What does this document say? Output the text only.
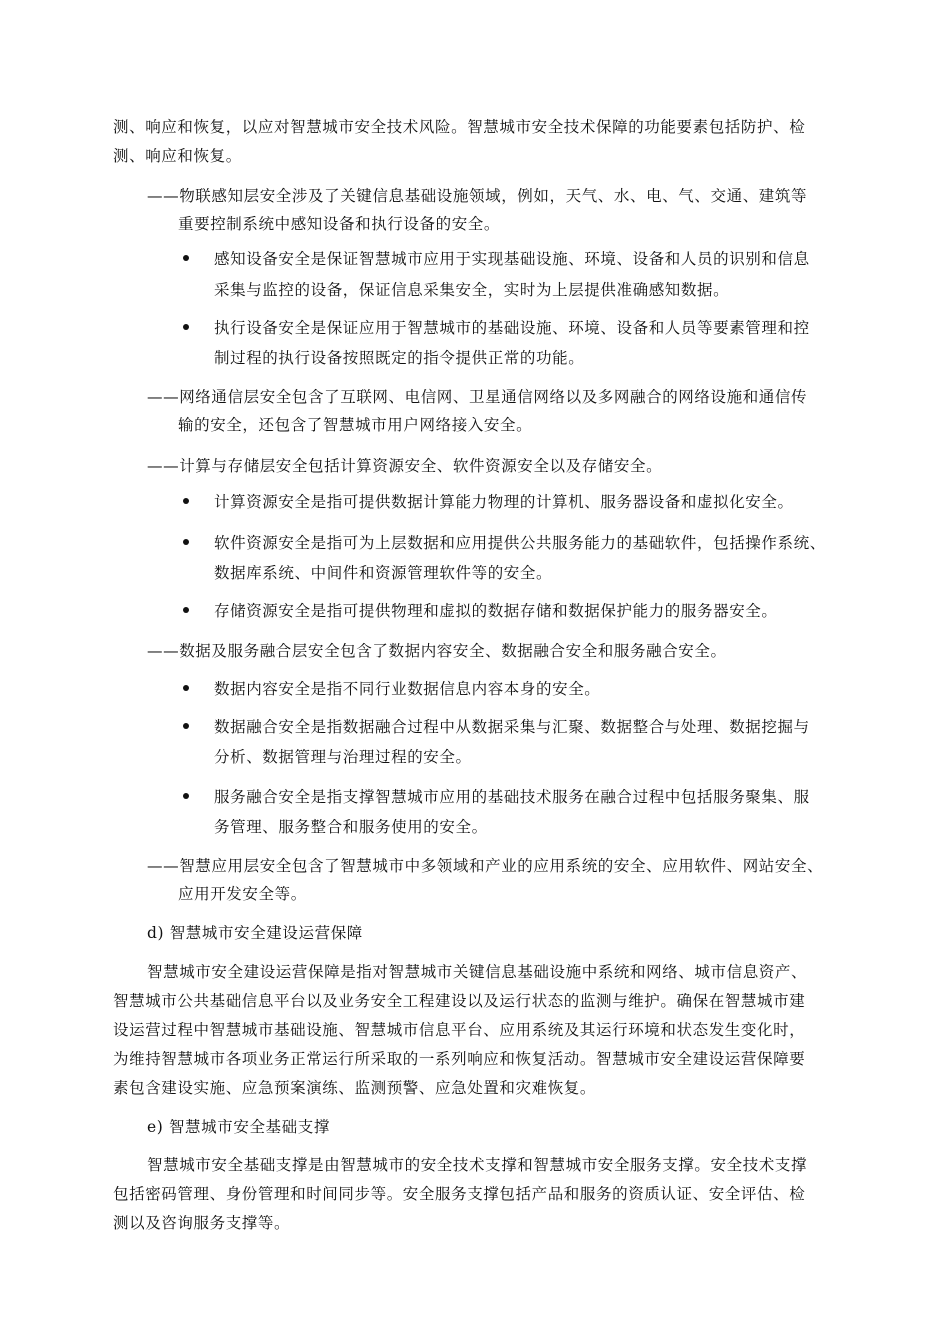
测、响应和恢复，以应对智慧城市安全技术风险。智慧城市安全技术保障的功能要素包括防护、检
测、响应和恢复。
——物联感知层安全涉及了关键信息基础设施领域，例如，天气、水、电、气、交通、建筑等
重要控制系统中感知设备和执行设备的安全。
感知设备安全是保证智慧城市应用于实现基础设施、环境、设备和人员的识别和信息
采集与监控的设备，保证信息采集安全，实时为上层提供准确感知数据。
执行设备安全是保证应用于智慧城市的基础设施、环境、设备和人员等要素管理和控
制过程的执行设备按照既定的指令提供正常的功能。
——网络通信层安全包含了互联网、电信网、卫星通信网络以及多网融合的网络设施和通信传
输的安全，还包含了智慧城市用户网络接入安全。
——计算与存储层安全包括计算资源安全、软件资源安全以及存储安全。
计算资源安全是指可提供数据计算能力物理的计算机、服务器设备和虚拟化安全。
软件资源安全是指可为上层数据和应用提供公共服务能力的基础软件，包括操作系统、
数据库系统、中间件和资源管理软件等的安全。
存储资源安全是指可提供物理和虚拟的数据存储和数据保护能力的服务器安全。
——数据及服务融合层安全包含了数据内容安全、数据融合安全和服务融合安全。
数据内容安全是指不同行业数据信息内容本身的安全。
数据融合安全是指数据融合过程中从数据采集与汇聚、数据整合与处理、数据挖掘与
分析、数据管理与治理过程的安全。
服务融合安全是指支撑智慧城市应用的基础技术服务在融合过程中包括服务聚集、服
务管理、服务整合和服务使用的安全。
——智慧应用层安全包含了智慧城市中多领域和产业的应用系统的安全、应用软件、网站安全、
应用开发安全等。
d) 智慧城市安全建设运营保障
智慧城市安全建设运营保障是指对智慧城市关键信息基础设施中系统和网络、城市信息资产、
智慧城市公共基础信息平台以及业务安全工程建设以及运行状态的监测与维护。确保在智慧城市建
设运营过程中智慧城市基础设施、智慧城市信息平台、应用系统及其运行环境和状态发生变化时，
为维持智慧城市各项业务正常运行所采取的一系列响应和恢复活动。智慧城市安全建设运营保障要
素包含建设实施、应急预案演练、监测预警、应急处置和灾难恢复。
e) 智慧城市安全基础支撑
智慧城市安全基础支撑是由智慧城市的安全技术支撑和智慧城市安全服务支撑。安全技术支撑
包括密码管理、身份管理和时间同步等。安全服务支撑包括产品和服务的资质认证、安全评估、检
测以及咨询服务支撑等。
